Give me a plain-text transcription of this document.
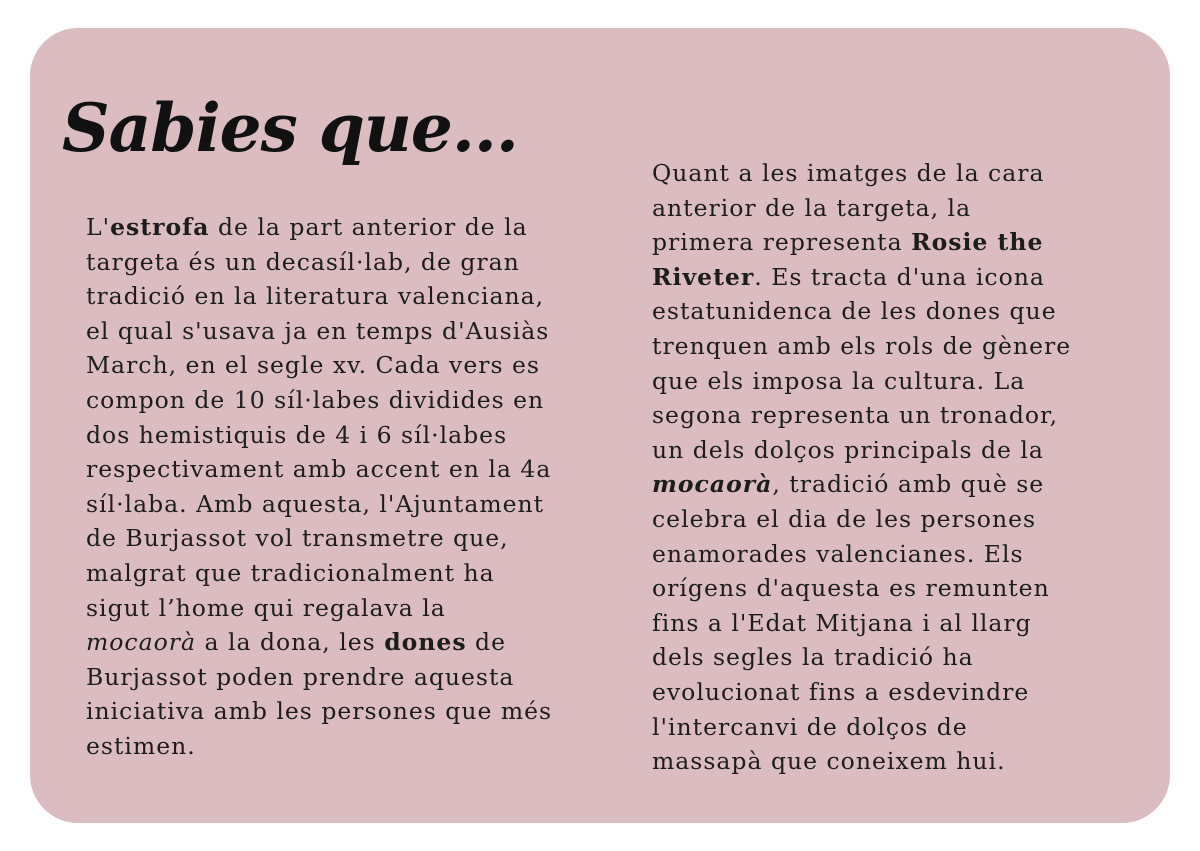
Sabies que...
L'estrofa de la part anterior de la
targeta és un decasíl·lab, de gran
tradició en la literatura valenciana,
el qual s'usava ja en temps d'Ausiàs
March, en el segle xv. Cada vers es
compon de 10 síl·labes dividides en
dos hemistiquis de 4 i 6 síl·labes
respectivament amb accent en la 4a
síl·laba. Amb aquesta, l'Ajuntament
de Burjassot vol transmetre que,
malgrat que tradicionalment ha
sigut l’home qui regalava la
mocaorà a la dona, les dones de
Burjassot poden prendre aquesta
iniciativa amb les persones que més
estimen.
Quant a les imatges de la cara
anterior de la targeta, la
primera representa Rosie the
Riveter. Es tracta d'una icona
estatunidenca de les dones que
trenquen amb els rols de gènere
que els imposa la cultura. La
segona representa un tronador,
un dels dolços principals de la
mocaorà, tradició amb què se
celebra el dia de les persones
enamorades valencianes. Els
orígens d'aquesta es remunten
fins a l'Edat Mitjana i al llarg
dels segles la tradició ha
evolucionat fins a esdevindre
l'intercanvi de dolços de
massapà que coneixem hui.
